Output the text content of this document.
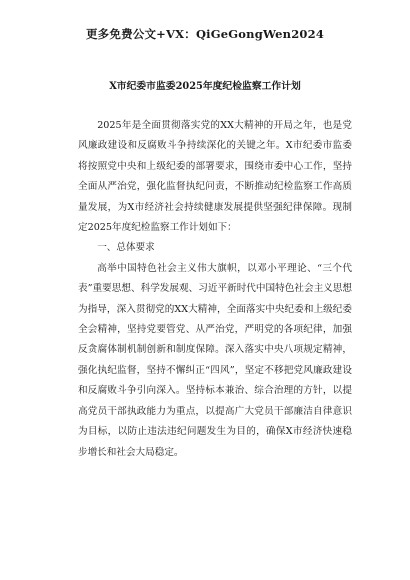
更多免费公文+VX：QiGeGongWen2024
X市纪委市监委2025年度纪检监察工作计划

2025年是全面贯彻落实党的XX大精神的开局之年，也是党风廉政建设和反腐败斗争持续深化的关键之年。X市纪委市监委将按照党中央和上级纪委的部署要求，围绕市委中心工作，坚持全面从严治党，强化监督执纪问责，不断推动纪检监察工作高质量发展，为X市经济社会持续健康发展提供坚强纪律保障。现制定2025年度纪检监察工作计划如下：

一、总体要求

高举中国特色社会主义伟大旗帜，以邓小平理论、“三个代表”重要思想、科学发展观、习近平新时代中国特色社会主义思想为指导，深入贯彻党的XX大精神，全面落实中央纪委和上级纪委全会精神，坚持党要管党、从严治党，严明党的各项纪律，加强反贪腐体制机制创新和制度保障。深入落实中央八项规定精神，强化执纪监督，坚持不懈纠正“四风”，坚定不移把党风廉政建设和反腐败斗争引向深入。坚持标本兼治、综合治理的方针，以提高党员干部执政能力为重点，以提高广大党员干部廉洁自律意识为目标，以防止违法违纪问题发生为目的，确保X市经济快速稳步增长和社会大局稳定。
